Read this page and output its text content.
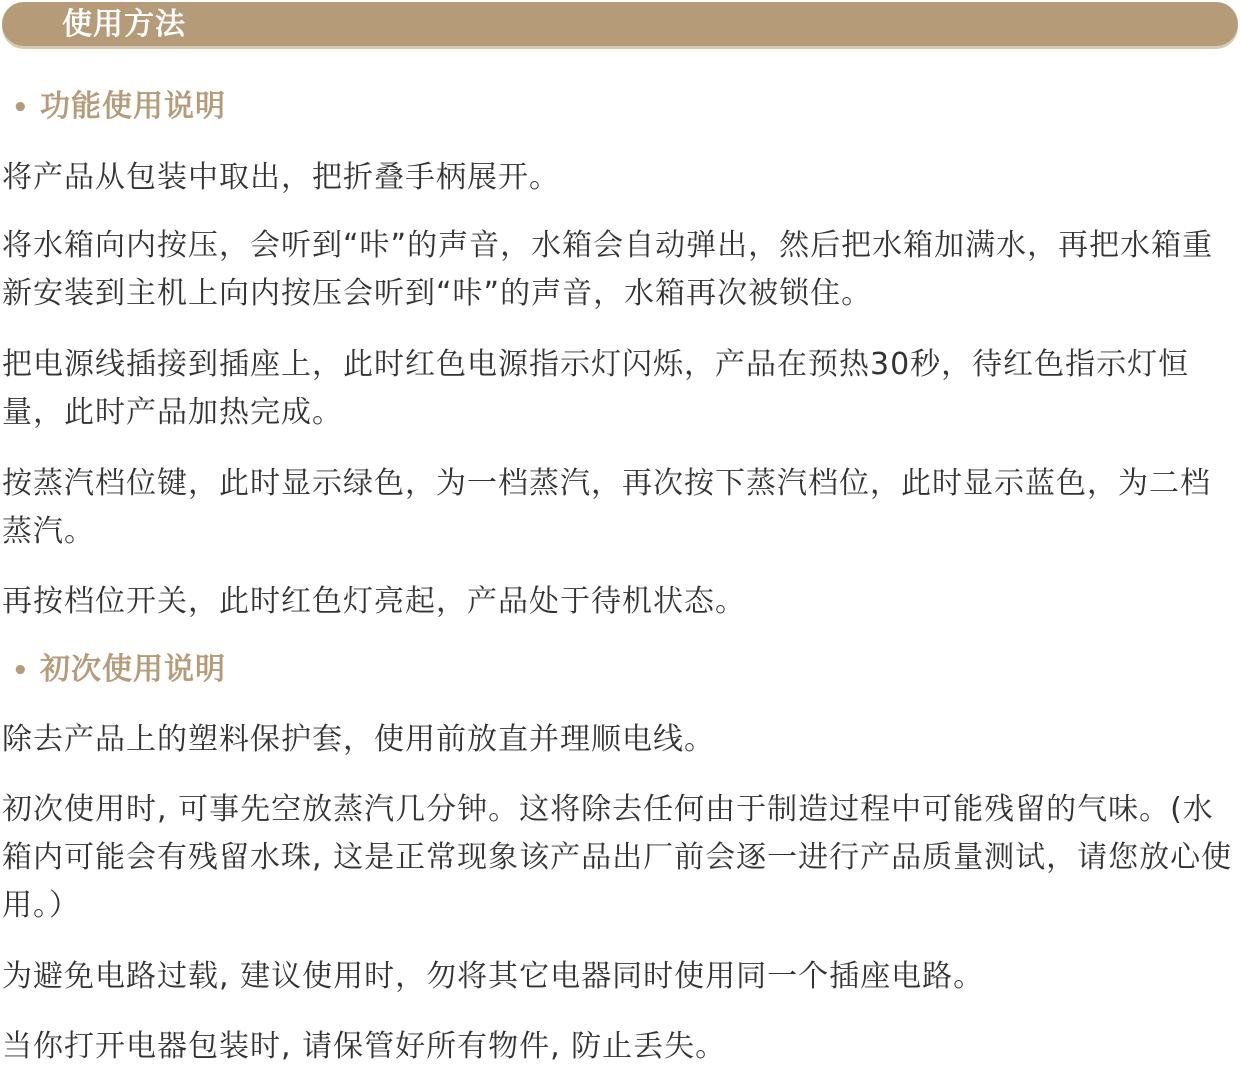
使用方法
• 功能使用说明

将产品从包装中取出，把折叠手柄展开。

将水箱向内按压，会听到“咔”的声音，水箱会自动弹出，然后把水箱加满水，再把水箱重新安装到主机上向内按压会听到“咔”的声音，水箱再次被锁住。

把电源线插接到插座上，此时红色电源指示灯闪烁，产品在预热30秒，待红色指示灯恒量，此时产品加热完成。

按蒸汽档位键，此时显示绿色，为一档蒸汽，再次按下蒸汽档位，此时显示蓝色，为二档蒸汽。

再按档位开关，此时红色灯亮起，产品处于待机状态。

• 初次使用说明

除去产品上的塑料保护套，使用前放直并理顺电线。

初次使用时, 可事先空放蒸汽几分钟。这将除去任何由于制造过程中可能残留的气味。(水箱内可能会有残留水珠, 这是正常现象该产品出厂前会逐一进行产品质量测试，请您放心使用。）

为避免电路过载, 建议使用时，勿将其它电器同时使用同一个插座电路。

当你打开电器包装时, 请保管好所有物件, 防止丢失。
